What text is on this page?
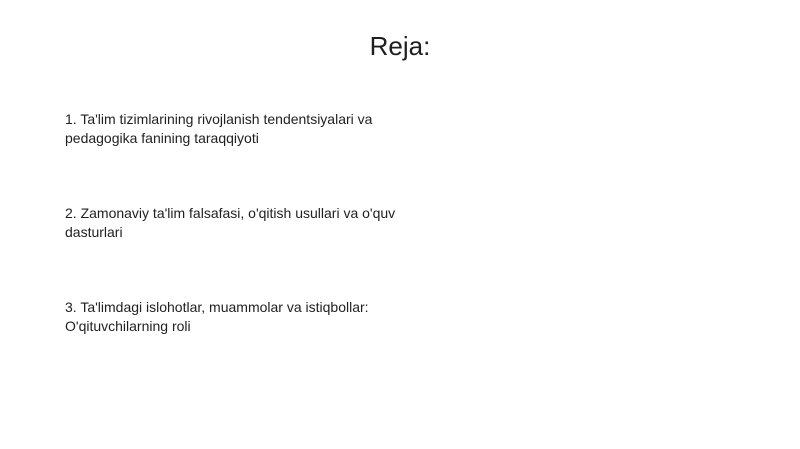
Reja:
1. Ta'lim tizimlarining rivojlanish tendentsiyalari va
pedagogika fanining taraqqiyoti
2. Zamonaviy ta'lim falsafasi, o'qitish usullari va o'quv
dasturlari
3. Ta'limdagi islohotlar, muammolar va istiqbollar:
O'qituvchilarning roli
